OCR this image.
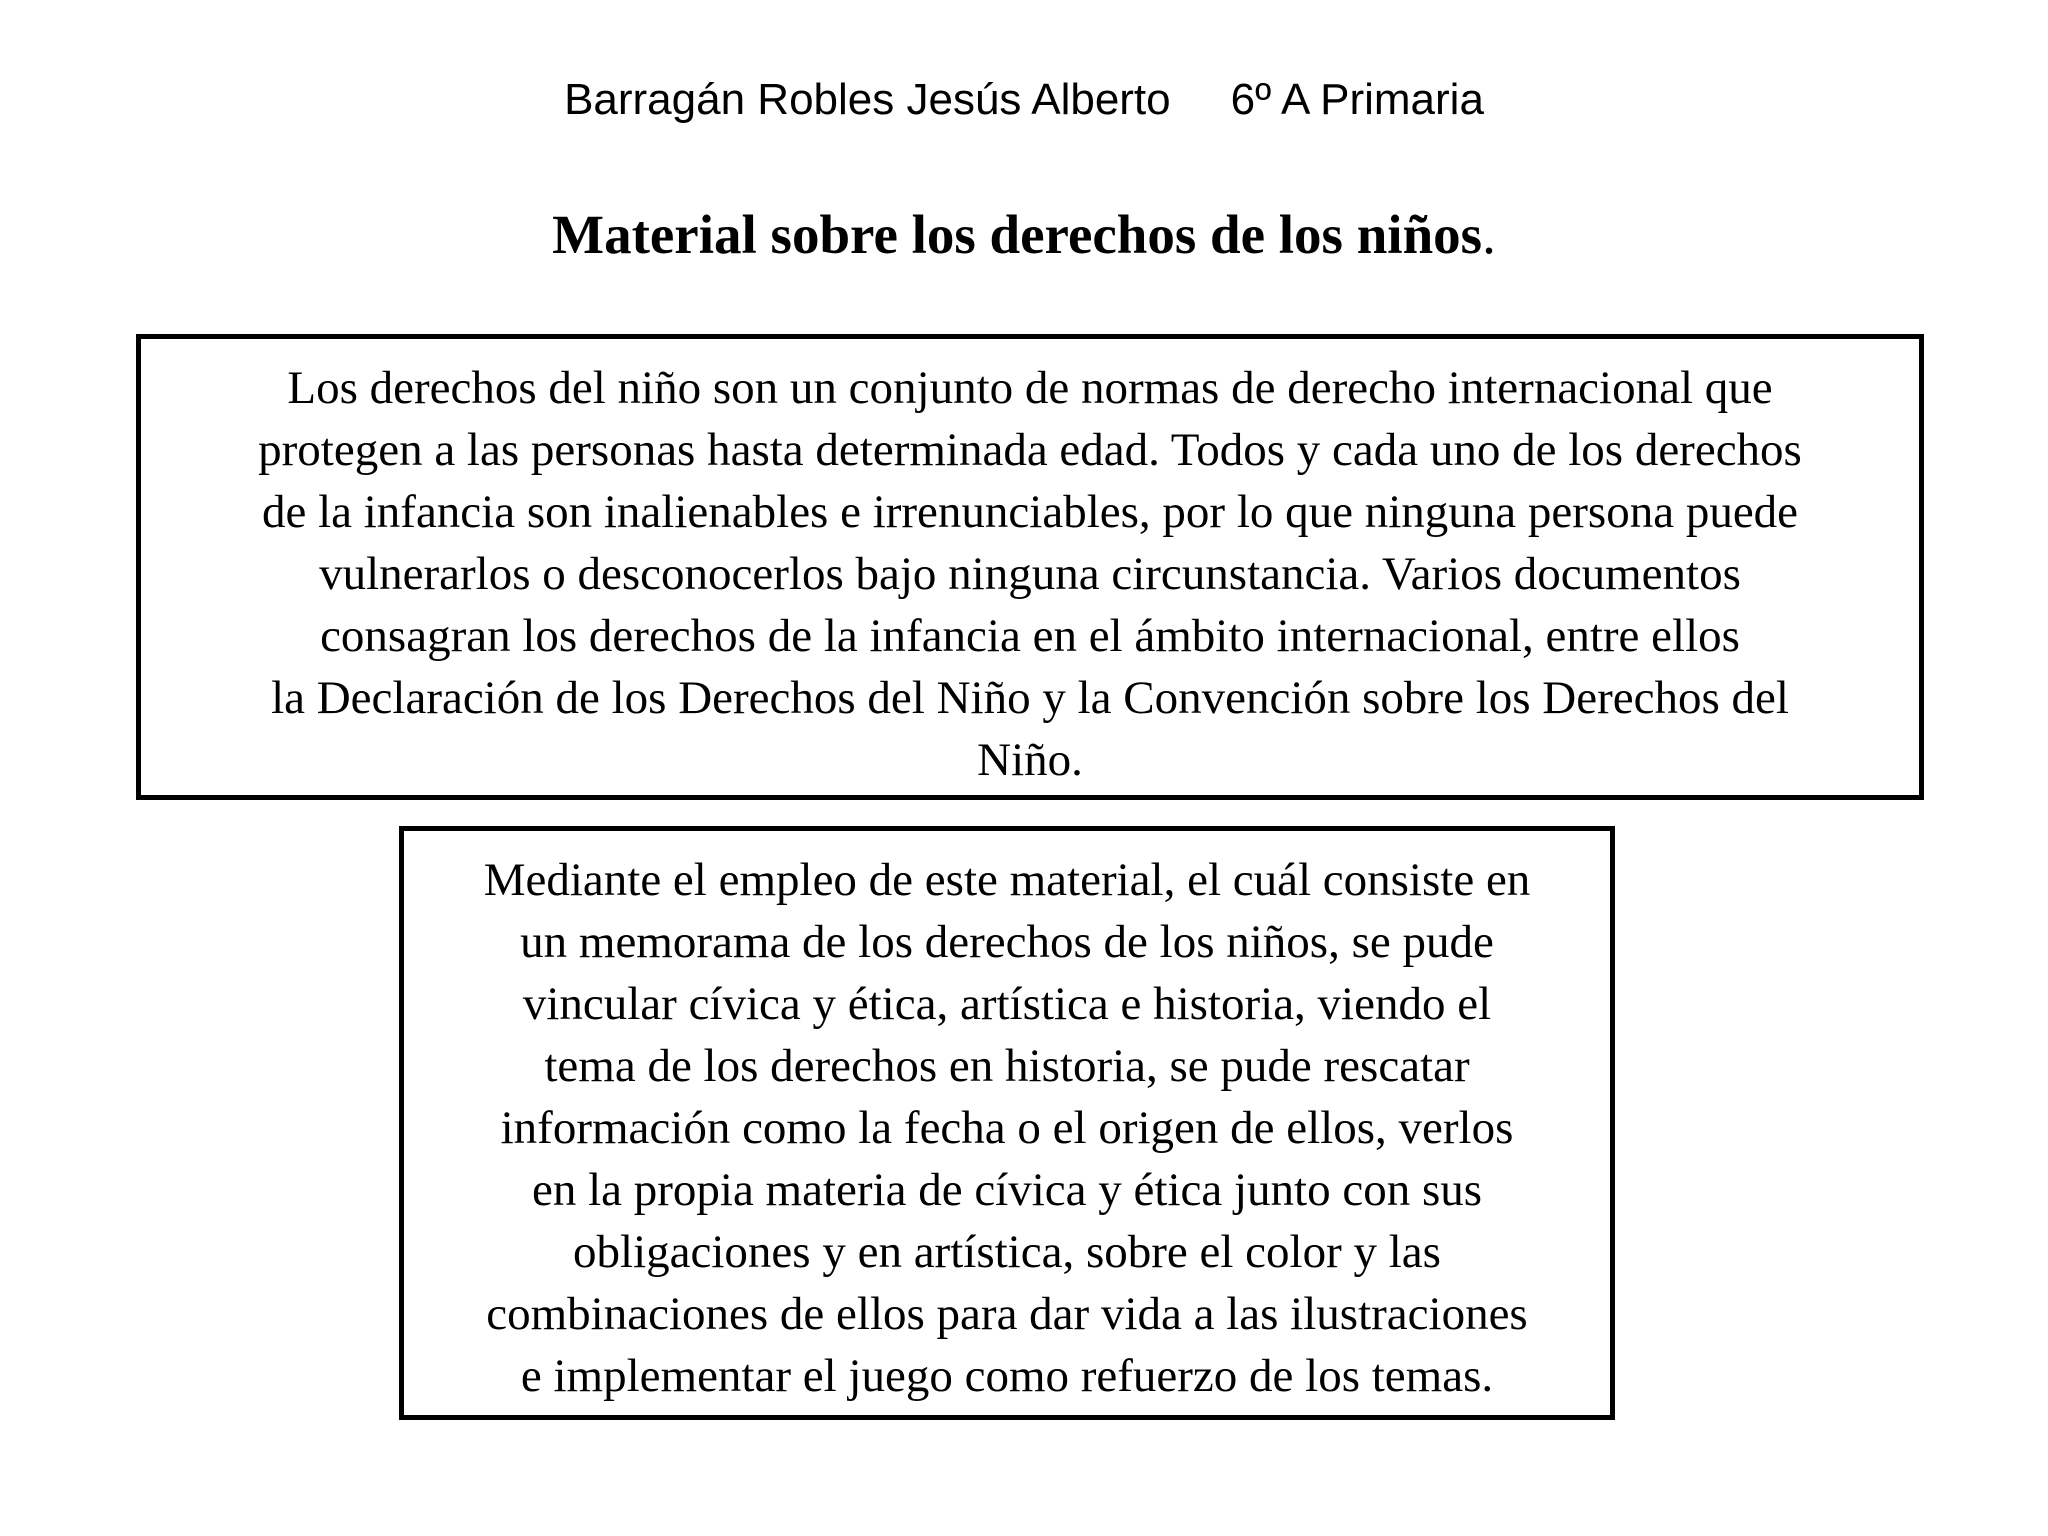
Barragán Robles Jesús Alberto 6º A Primaria
Material sobre los derechos de los niños.
Los derechos del niño son un conjunto de normas de derecho internacional que
protegen a las personas hasta determinada edad. Todos y cada uno de los derechos
de la infancia son inalienables e irrenunciables, por lo que ninguna persona puede
vulnerarlos o desconocerlos bajo ninguna circunstancia. Varios documentos
consagran los derechos de la infancia en el ámbito internacional, entre ellos
la Declaración de los Derechos del Niño y la Convención sobre los Derechos del
Niño.
Mediante el empleo de este material, el cuál consiste en
un memorama de los derechos de los niños, se pude
vincular cívica y ética, artística e historia, viendo el
tema de los derechos en historia, se pude rescatar
información como la fecha o el origen de ellos, verlos
en la propia materia de cívica y ética junto con sus
obligaciones y en artística, sobre el color y las
combinaciones de ellos para dar vida a las ilustraciones
e implementar el juego como refuerzo de los temas.
